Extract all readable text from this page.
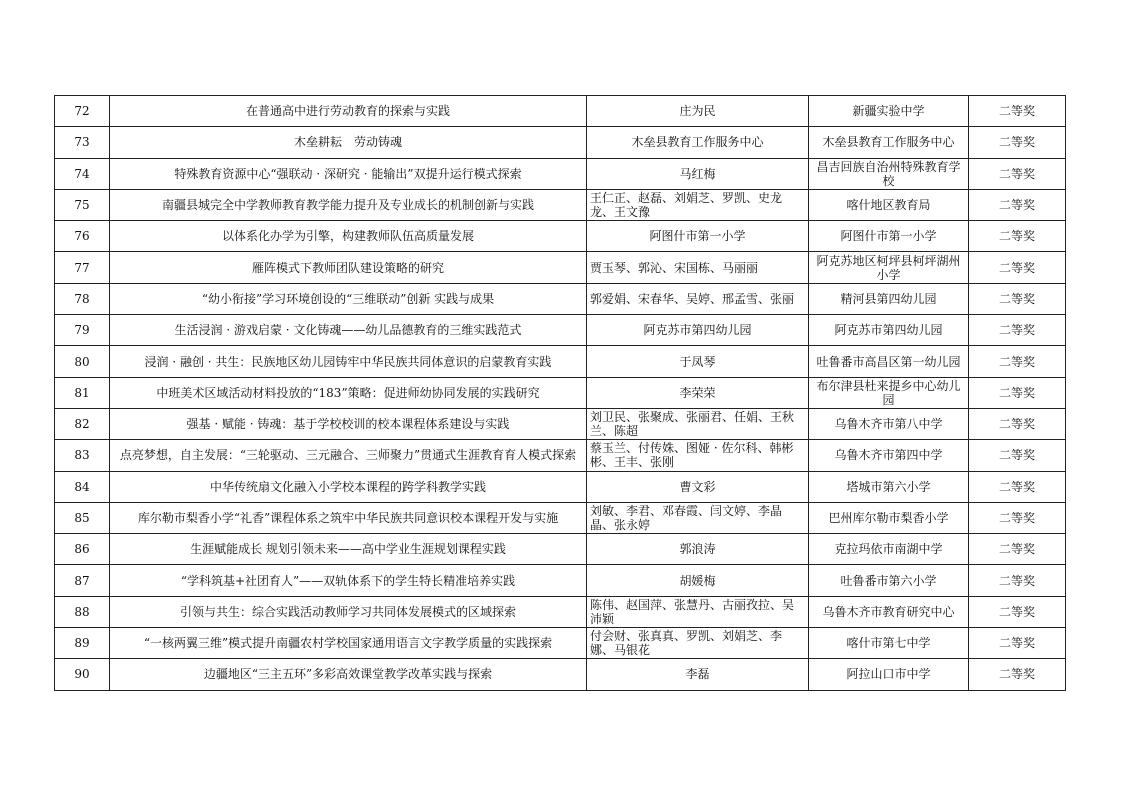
72	在普通高中进行劳动教育的探索与实践	庄为民	新疆实验中学	二等奖
73	木垒耕耘　劳动铸魂	木垒县教育工作服务中心	木垒县教育工作服务中心	二等奖
74	特殊教育资源中心“强联动 · 深研究 · 能输出”双提升运行模式探索	马红梅	昌吉回族自治州特殊教育学校	二等奖
75	南疆县城完全中学教师教育教学能力提升及专业成长的机制创新与实践	王仁正、赵磊、刘娟芝、罗凯、史龙龙、王文豫	喀什地区教育局	二等奖
76	以体系化办学为引擎，构建教师队伍高质量发展	阿图什市第一小学	阿图什市第一小学	二等奖
77	雁阵模式下教师团队建设策略的研究	贾玉琴、郭沁、宋国栋、马丽丽	阿克苏地区柯坪县柯坪湖州小学	二等奖
78	“幼小衔接”学习环境创设的“三维联动”创新 实践与成果	郭爱娟、宋春华、吴婷、邢孟雪、张丽	精河县第四幼儿园	二等奖
79	生活浸润 · 游戏启蒙 · 文化铸魂——幼儿品德教育的三维实践范式	阿克苏市第四幼儿园	阿克苏市第四幼儿园	二等奖
80	浸润 · 融创 · 共生：民族地区幼儿园铸牢中华民族共同体意识的启蒙教育实践	于凤琴	吐鲁番市高昌区第一幼儿园	二等奖
81	中班美术区域活动材料投放的“183”策略：促进师幼协同发展的实践研究	李荣荣	布尔津县杜来提乡中心幼儿园	二等奖
82	强基 · 赋能 · 铸魂：基于学校校训的校本课程体系建设与实践	刘卫民、张聚成、张丽君、任娟、王秋兰、陈超	乌鲁木齐市第八中学	二等奖
83	点亮梦想，自主发展：“三轮驱动、三元融合、三师聚力”贯通式生涯教育育人模式探索	蔡玉兰、付传姝、图娅 · 佐尔科、韩彬彬、王丰、张刚	乌鲁木齐市第四中学	二等奖
84	中华传统扇文化融入小学校本课程的跨学科教学实践	曹文彩	塔城市第六小学	二等奖
85	库尔勒市梨香小学“礼香”课程体系之筑牢中华民族共同意识校本课程开发与实施	刘敏、李君、邓春霞、闫文婷、李晶晶、张永婷	巴州库尔勒市梨香小学	二等奖
86	生涯赋能成长 规划引领未来——高中学业生涯规划课程实践	郭浪涛	克拉玛依市南湖中学	二等奖
87	“学科筑基+社团育人”——双轨体系下的学生特长精准培养实践	胡媛梅	吐鲁番市第六小学	二等奖
88	引领与共生：综合实践活动教师学习共同体发展模式的区域探索	陈伟、赵国萍、张慧丹、古丽孜拉、吴沛颖	乌鲁木齐市教育研究中心	二等奖
89	“一核两翼三维”模式提升南疆农村学校国家通用语言文字教学质量的实践探索	付会财、张真真、罗凯、刘娟芝、李娜、马银花	喀什市第七中学	二等奖
90	边疆地区“三主五环”多彩高效课堂教学改革实践与探索	李磊	阿拉山口市中学	二等奖
